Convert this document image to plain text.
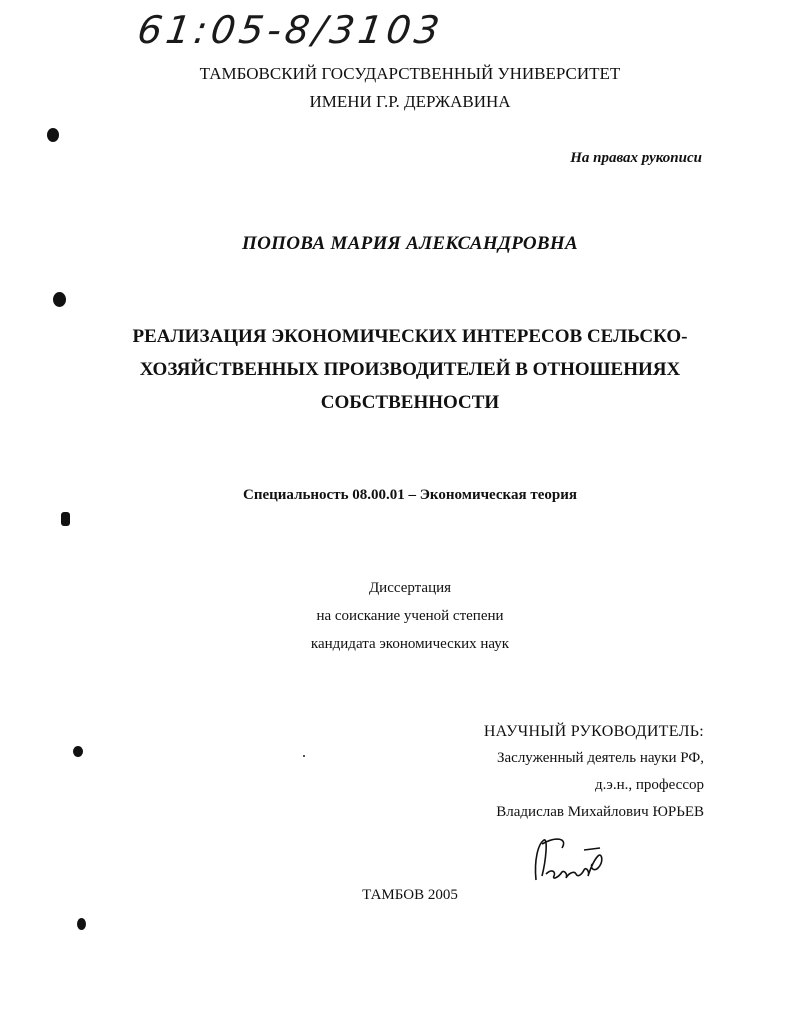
61:05-8/3103
ТАМБОВСКИЙ ГОСУДАРСТВЕННЫЙ УНИВЕРСИТЕТ
ИМЕНИ Г.Р. ДЕРЖАВИНА
На правах рукописи
ПОПОВА МАРИЯ АЛЕКСАНДРОВНА
РЕАЛИЗАЦИЯ ЭКОНОМИЧЕСКИХ ИНТЕРЕСОВ СЕЛЬСКО-
ХОЗЯЙСТВЕННЫХ ПРОИЗВОДИТЕЛЕЙ В ОТНОШЕНИЯХ
СОБСТВЕННОСТИ
Специальность 08.00.01 – Экономическая теория
Диссертация
на соискание ученой степени
кандидата экономических наук
НАУЧНЫЙ РУКОВОДИТЕЛЬ:
Заслуженный деятель науки РФ,
д.э.н., профессор
Владислав Михайлович ЮРЬЕВ
ТАМБОВ 2005
